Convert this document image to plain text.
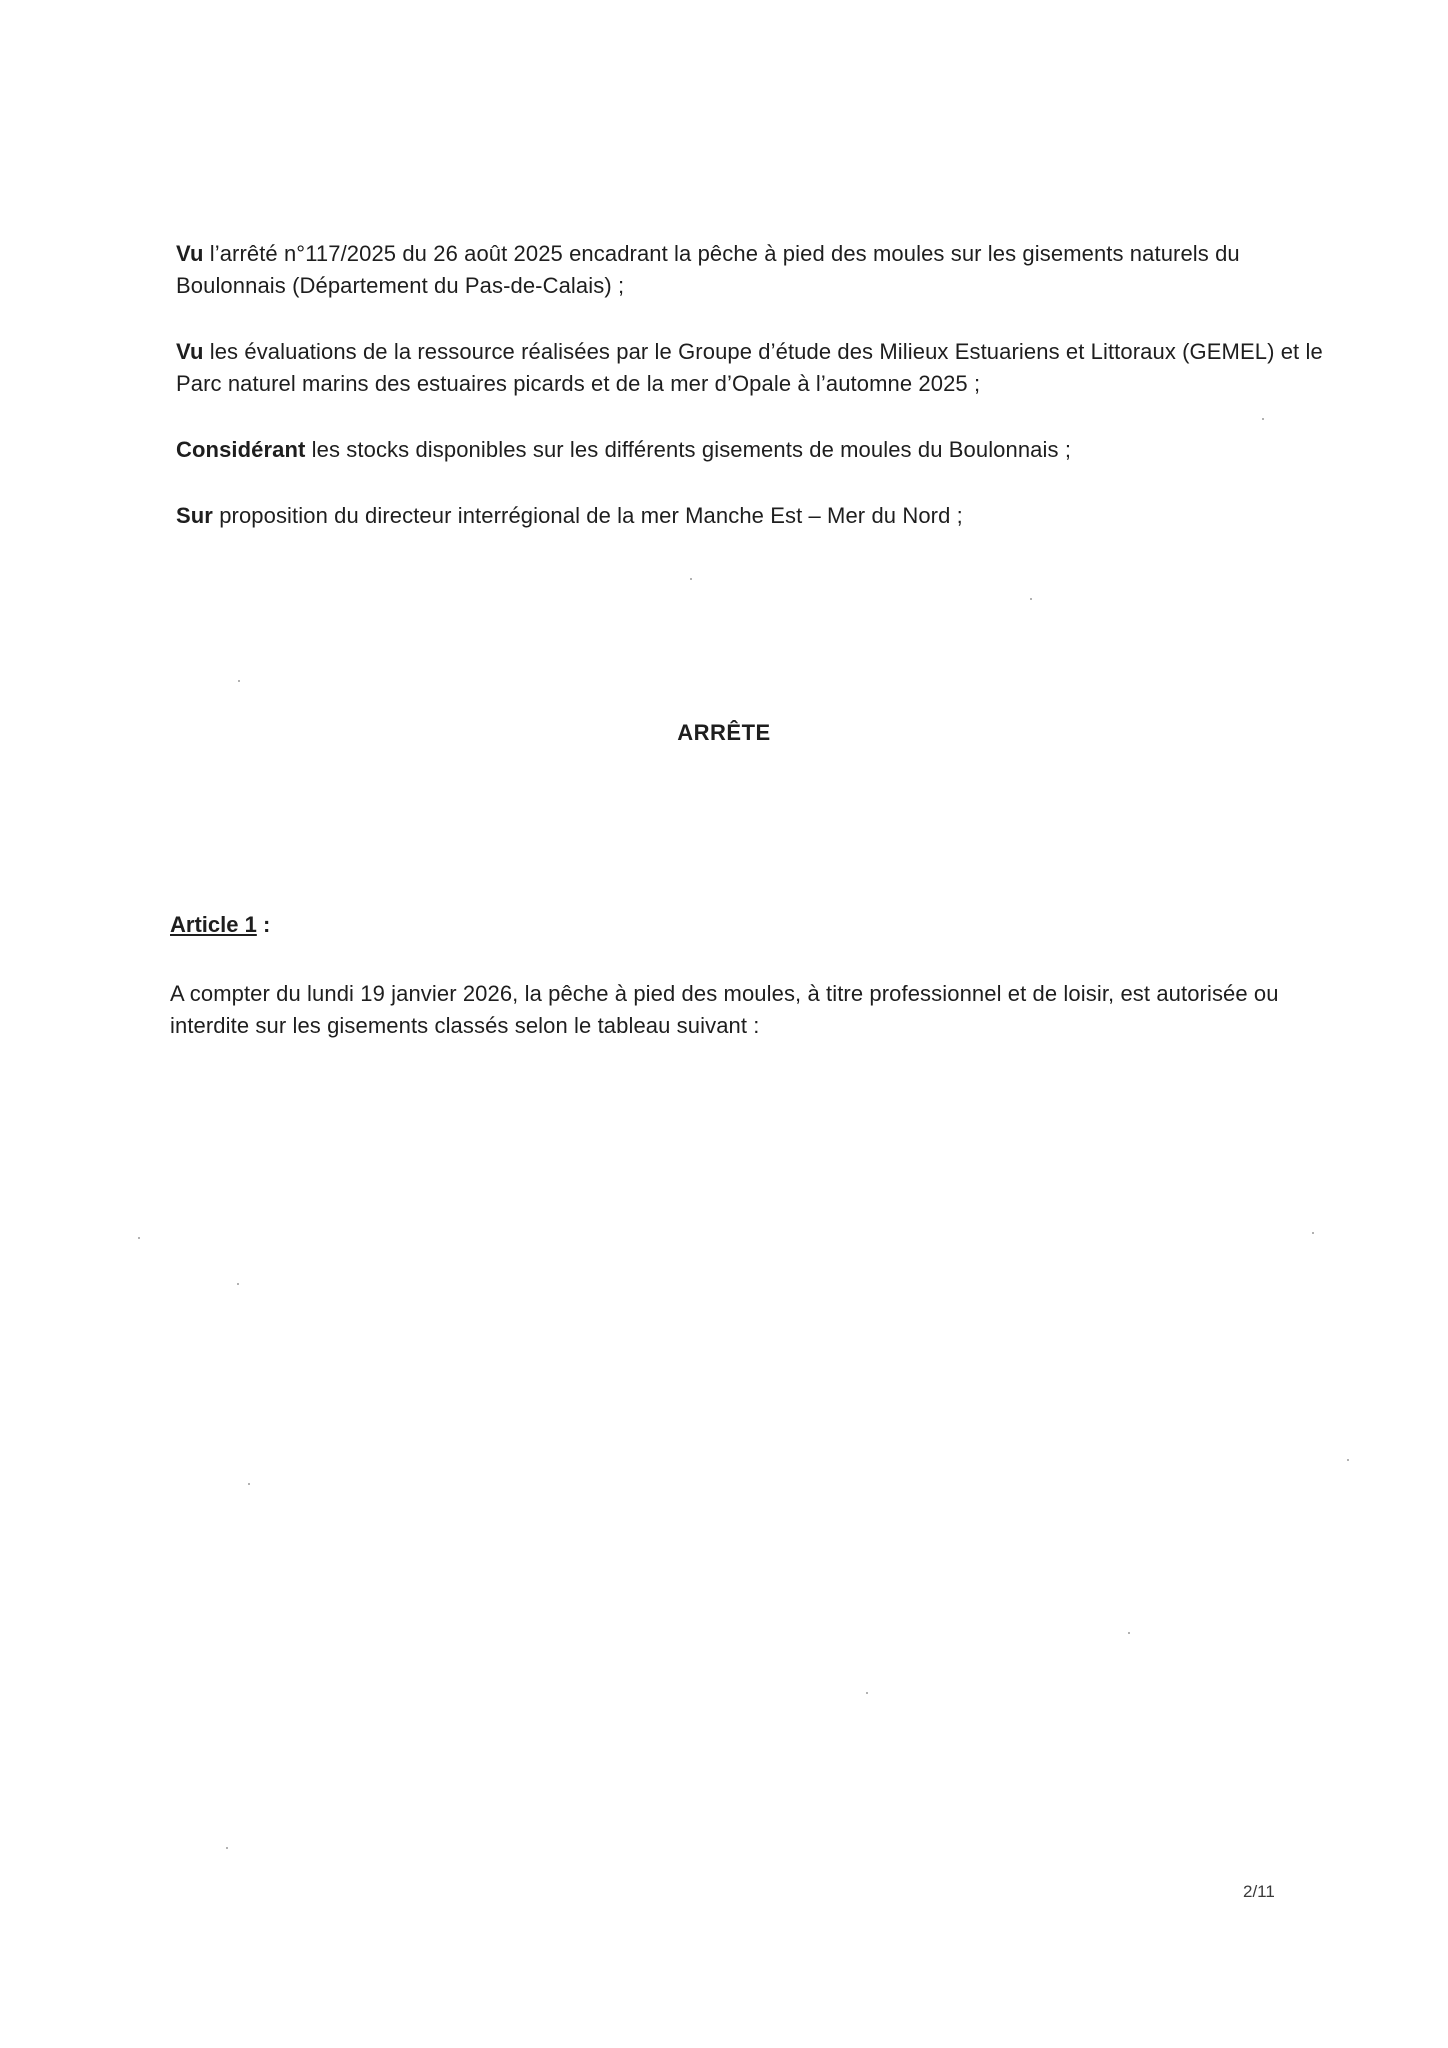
Vu l’arrêté n°117/2025 du 26 août 2025 encadrant la pêche à pied des moules sur les gisements naturels du Boulonnais (Département du Pas-de-Calais) ;

Vu les évaluations de la ressource réalisées par le Groupe d’étude des Milieux Estuariens et Littoraux (GEMEL) et le Parc naturel marins des estuaires picards et de la mer d’Opale à l’automne 2025 ;

Considérant les stocks disponibles sur les différents gisements de moules du Boulonnais ;

Sur proposition du directeur interrégional de la mer Manche Est – Mer du Nord ;

ARRÊTE
Article 1 :

A compter du lundi 19 janvier 2026, la pêche à pied des moules, à titre professionnel et de loisir, est autorisée ou interdite sur les gisements classés selon le tableau suivant :

2/11
